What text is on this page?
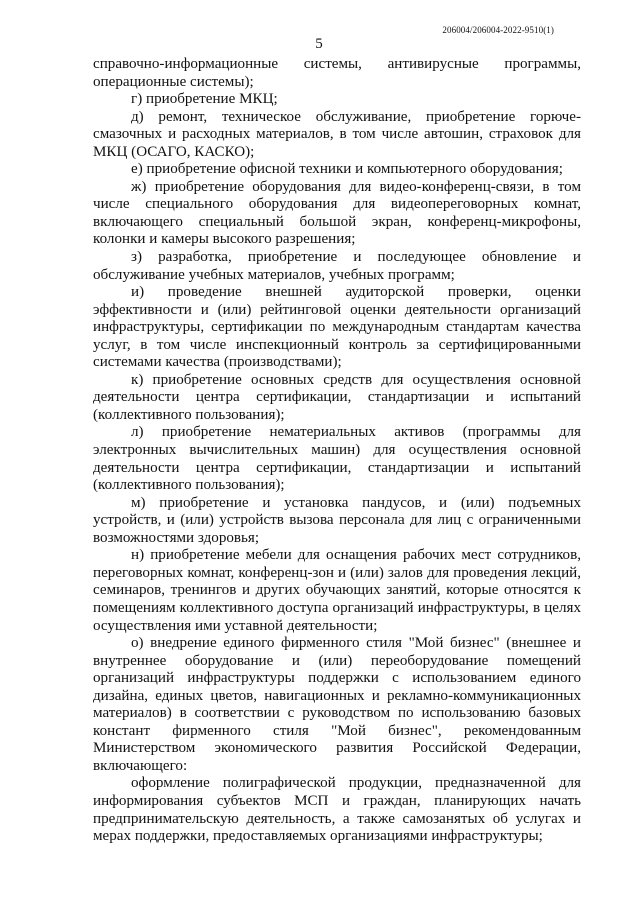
206004/206004-2022-9510(1)
5

справочно-информационные системы, антивирусные программы, операционные системы);

г) приобретение МКЦ;

д) ремонт, техническое обслуживание, приобретение горюче-смазочных и расходных материалов, в том числе автошин, страховок для МКЦ (ОСАГО, КАСКО);

е) приобретение офисной техники и компьютерного оборудования;

ж) приобретение оборудования для видео-конференц-связи, в том числе специального оборудования для видеопереговорных комнат, включающего специальный большой экран, конференц-микрофоны, колонки и камеры высокого разрешения;

з) разработка, приобретение и последующее обновление и обслуживание учебных материалов, учебных программ;

и) проведение внешней аудиторской проверки, оценки эффективности и (или) рейтинговой оценки деятельности организаций инфраструктуры, сертификации по международным стандартам качества услуг, в том числе инспекционный контроль за сертифицированными системами качества (производствами);

к) приобретение основных средств для осуществления основной деятельности центра сертификации, стандартизации и испытаний (коллективного пользования);

л) приобретение нематериальных активов (программы для электронных вычислительных машин) для осуществления основной деятельности центра сертификации, стандартизации и испытаний (коллективного пользования);

м) приобретение и установка пандусов, и (или) подъемных устройств, и (или) устройств вызова персонала для лиц с ограниченными возможностями здоровья;

н) приобретение мебели для оснащения рабочих мест сотрудников, переговорных комнат, конференц-зон и (или) залов для проведения лекций, семинаров, тренингов и других обучающих занятий, которые относятся к помещениям коллективного доступа организаций инфраструктуры, в целях осуществления ими уставной деятельности;

о) внедрение единого фирменного стиля "Мой бизнес" (внешнее и внутреннее оборудование и (или) переоборудование помещений организаций инфраструктуры поддержки с использованием единого дизайна, единых цветов, навигационных и рекламно-коммуникационных материалов) в соответствии с руководством по использованию базовых констант фирменного стиля "Мой бизнес", рекомендованным Министерством экономического развития Российской Федерации, включающего:

оформление полиграфической продукции, предназначенной для информирования субъектов МСП и граждан, планирующих начать предпринимательскую деятельность, а также самозанятых об услугах и мерах поддержки, предоставляемых организациями инфраструктуры;
